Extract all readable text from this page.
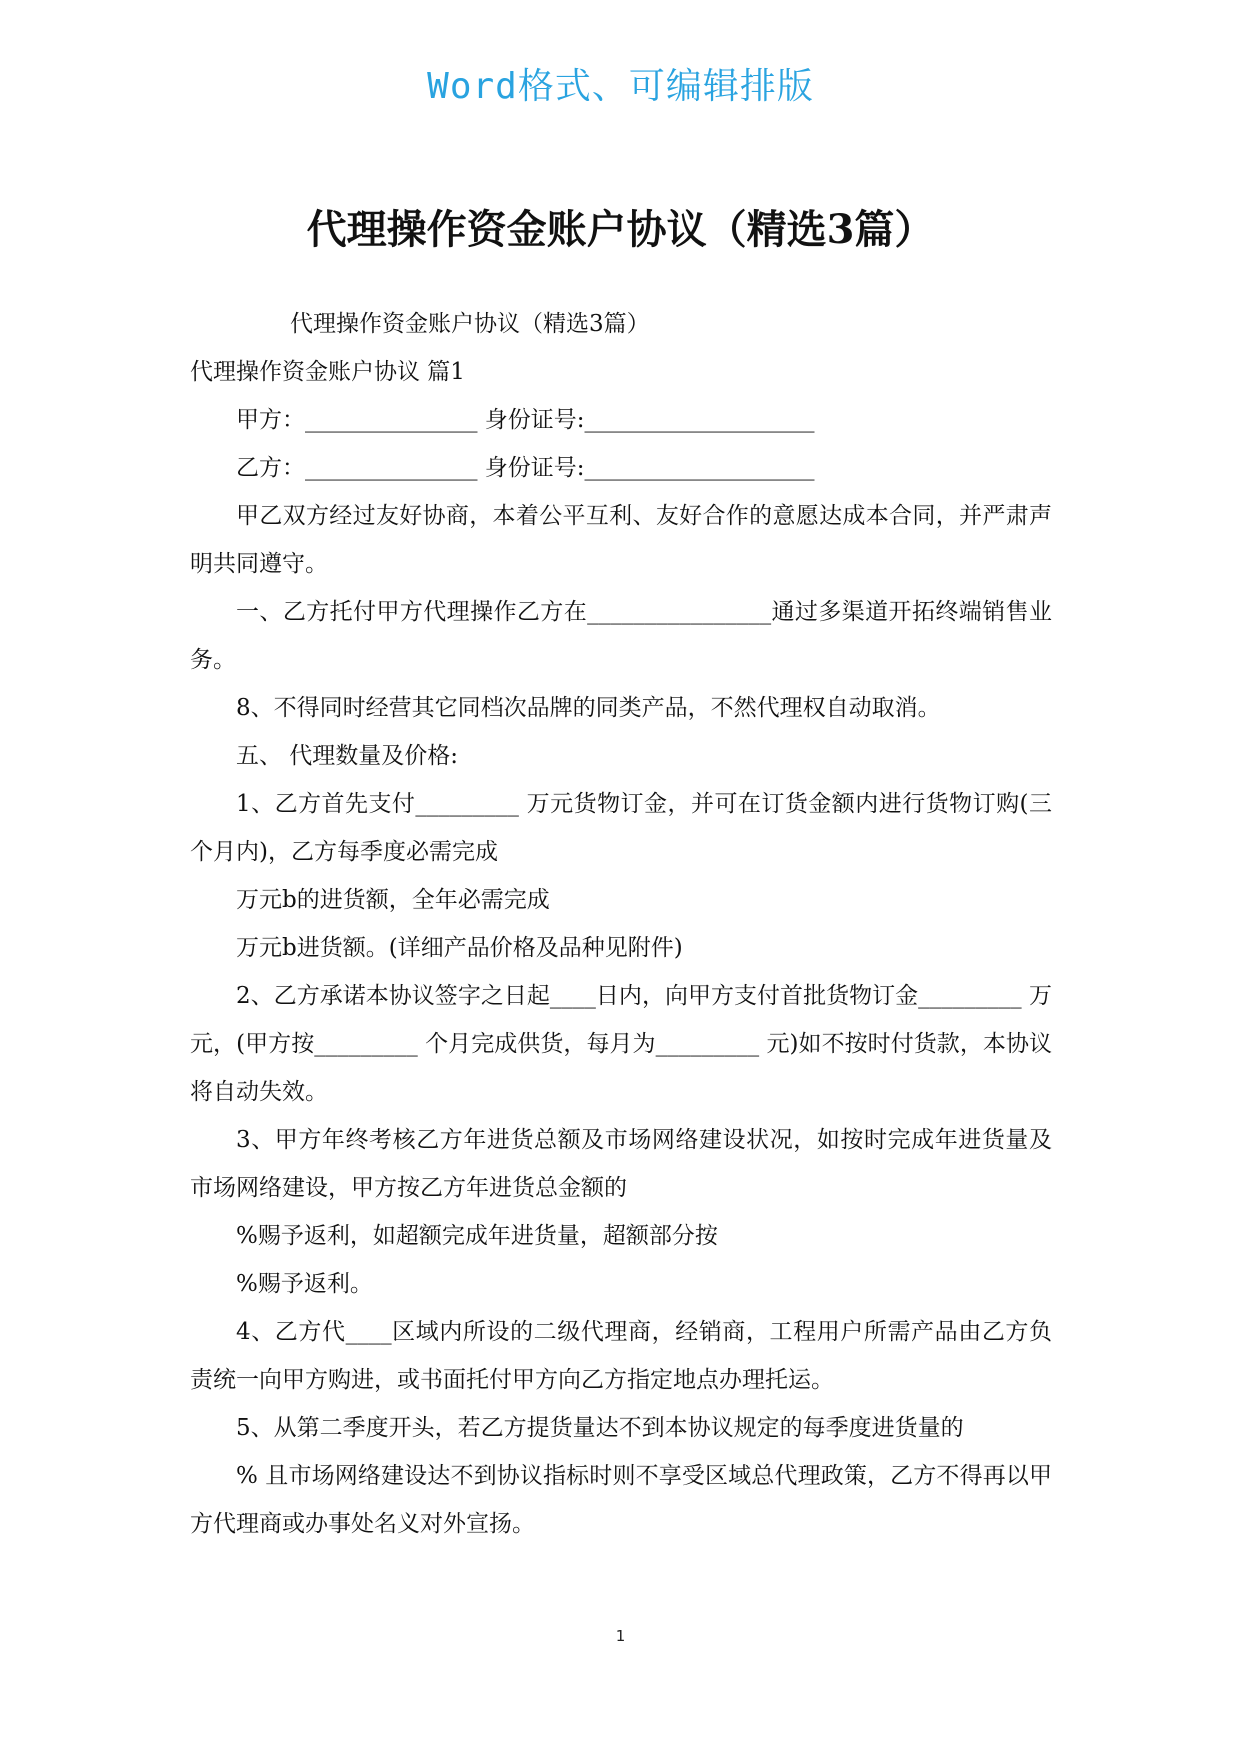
Word格式、可编辑排版
代理操作资金账户协议（精选3篇）

代理操作资金账户协议（精选3篇）

代理操作资金账户协议 篇1

甲方：_______________ 身份证号:____________________

乙方：_______________ 身份证号:____________________

甲乙双方经过友好协商，本着公平互利、友好合作的意愿达成本合同，并严肃声明共同遵守。

一、乙方托付甲方代理操作乙方在________________通过多渠道开拓终端销售业务。

8、不得同时经营其它同档次品牌的同类产品，不然代理权自动取消。

五、 代理数量及价格:

1、乙方首先支付_________ 万元货物订金，并可在订货金额内进行货物订购(三个月内)，乙方每季度必需完成

万元b的进货额，全年必需完成

万元b进货额。(详细产品价格及品种见附件)

2、乙方承诺本协议签字之日起____日内，向甲方支付首批货物订金_________ 万元，(甲方按_________ 个月完成供货，每月为_________ 元)如不按时付货款，本协议将自动失效。

3、甲方年终考核乙方年进货总额及市场网络建设状况，如按时完成年进货量及市场网络建设，甲方按乙方年进货总金额的

%赐予返利，如超额完成年进货量，超额部分按

%赐予返利。

4、乙方代____区域内所设的二级代理商，经销商，工程用户所需产品由乙方负责统一向甲方购进，或书面托付甲方向乙方指定地点办理托运。

5、从第二季度开头，若乙方提货量达不到本协议规定的每季度进货量的

% 且市场网络建设达不到协议指标时则不享受区域总代理政策，乙方不得再以甲方代理商或办事处名义对外宣扬。

1
